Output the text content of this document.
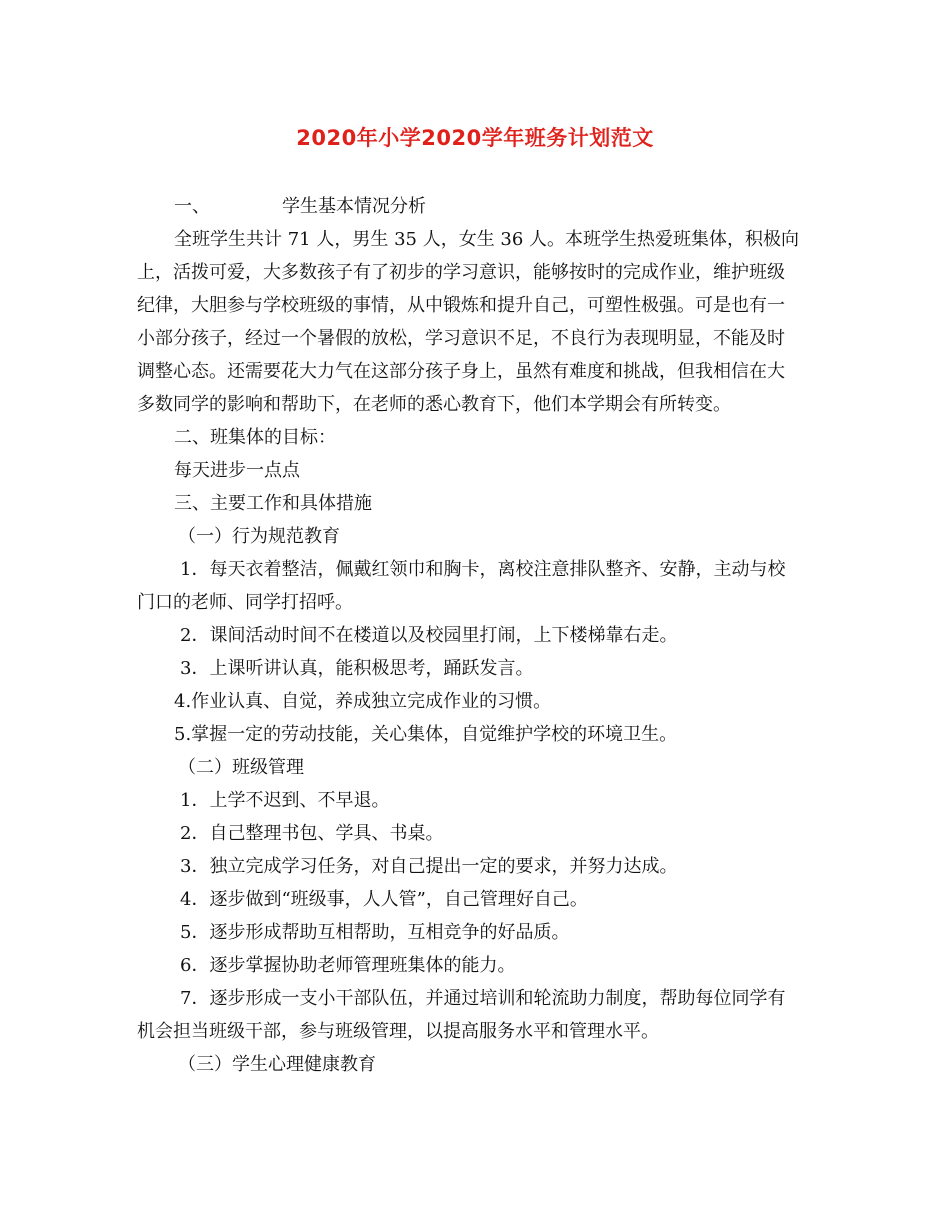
2020年小学2020学年班务计划范文
一、	学生基本情况分析
全班学生共计 71 人，男生 35 人，女生 36 人。本班学生热爱班集体，积极向
上，活拨可爱，大多数孩子有了初步的学习意识，能够按时的完成作业，维护班级
纪律，大胆参与学校班级的事情，从中锻炼和提升自己，可塑性极强。可是也有一
小部分孩子，经过一个暑假的放松，学习意识不足，不良行为表现明显，不能及时
调整心态。还需要花大力气在这部分孩子身上，虽然有难度和挑战，但我相信在大
多数同学的影响和帮助下，在老师的悉心教育下，他们本学期会有所转变。
二、班集体的目标：
每天进步一点点
三、主要工作和具体措施
（一）行为规范教育
1．每天衣着整洁，佩戴红领巾和胸卡，离校注意排队整齐、安静，主动与校
门口的老师、同学打招呼。
2．课间活动时间不在楼道以及校园里打闹，上下楼梯靠右走。
3．上课听讲认真，能积极思考，踊跃发言。
4.作业认真、自觉，养成独立完成作业的习惯。
5.掌握一定的劳动技能，关心集体，自觉维护学校的环境卫生。
（二）班级管理
1．上学不迟到、不早退。
2．自己整理书包、学具、书桌。
3．独立完成学习任务，对自己提出一定的要求，并努力达成。
4．逐步做到“班级事，人人管”，自己管理好自己。
5．逐步形成帮助互相帮助，互相竞争的好品质。
6．逐步掌握协助老师管理班集体的能力。
7．逐步形成一支小干部队伍，并通过培训和轮流助力制度，帮助每位同学有
机会担当班级干部，参与班级管理，以提高服务水平和管理水平。
（三）学生心理健康教育
